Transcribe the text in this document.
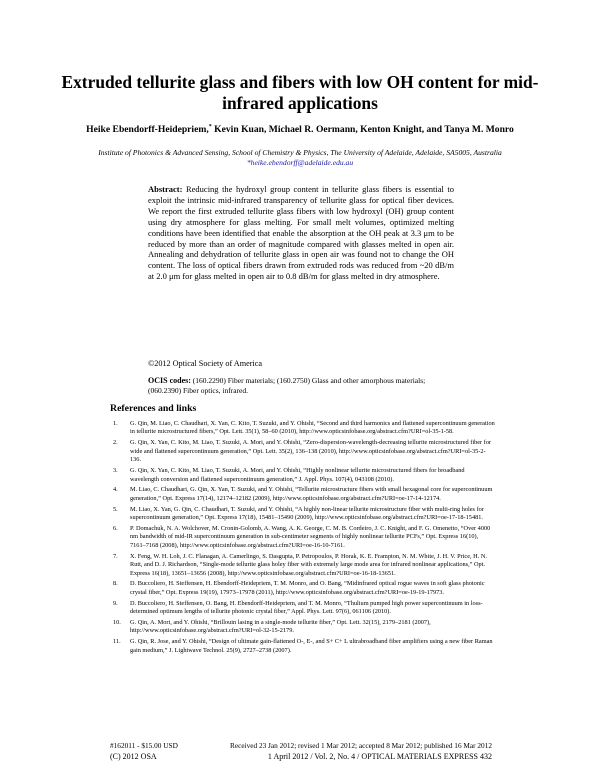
Extruded tellurite glass and fibers with low OH content for mid-infrared applications
Heike Ebendorff-Heidepriem,* Kevin Kuan, Michael R. Oermann, Kenton Knight, and Tanya M. Monro
Institute of Photonics & Advanced Sensing, School of Chemistry & Physics, The University of Adelaide, Adelaide, SA5005, Australia
*heike.ebendorff@adelaide.edu.au
Abstract: Reducing the hydroxyl group content in tellurite glass fibers is essential to exploit the intrinsic mid-infrared transparency of tellurite glass for optical fiber devices. We report the first extruded tellurite glass fibers with low hydroxyl (OH) group content using dry atmosphere for glass melting. For small melt volumes, optimized melting conditions have been identified that enable the absorption at the OH peak at 3.3 μm to be reduced by more than an order of magnitude compared with glasses melted in open air. Annealing and dehydration of tellurite glass in open air was found not to change the OH content. The loss of optical fibers drawn from extruded rods was reduced from ~20 dB/m at 2.0 μm for glass melted in open air to 0.8 dB/m for glass melted in dry atmosphere.
©2012 Optical Society of America
OCIS codes: (160.2290) Fiber materials; (160.2750) Glass and other amorphous materials; (060.2390) Fiber optics, infrared.
References and links
1. G. Qin, M. Liao, C. Chaudhari, X. Yan, C. Kito, T. Suzuki, and Y. Ohishi, “Second and third harmonics and flattened supercontinuum generation in tellurite microstructured fibers,” Opt. Lett. 35(1), 58–60 (2010), http://www.opticsinfobase.org/abstract.cfm?URI=ol-35-1-58.
2. G. Qin, X. Yan, C. Kito, M. Liao, T. Suzuki, A. Mori, and Y. Ohishi, “Zero-dispersion-wavelength-decreasing tellurite microstructured fiber for wide and flattened supercontinuum generation,” Opt. Lett. 35(2), 136–138 (2010), http://www.opticsinfobase.org/abstract.cfm?URI=ol-35-2-136.
3. G. Qin, X. Yan, C. Kito, M. Liao, T. Suzuki, A. Mori, and Y. Ohishi, “Highly nonlinear tellurite microstructured fibers for broadband wavelength conversion and flattened supercontinuum generation,” J. Appl. Phys. 107(4), 043108 (2010).
4. M. Liao, C. Chaudhari, G. Qin, X. Yan, T. Suzuki, and Y. Ohishi, “Tellurite microstructure fibers with small hexagonal core for supercontinuum generation,” Opt. Express 17(14), 12174–12182 (2009), http://www.opticsinfobase.org/abstract.cfm?URI=oe-17-14-12174.
5. M. Liao, X. Yan, G. Qin, C. Chaudhari, T. Suzuki, and Y. Ohishi, “A highly non-linear tellurite microstructure fiber with multi-ring holes for supercontinuum generation,” Opt. Express 17(18), 15481–15490 (2009), http://www.opticsinfobase.org/abstract.cfm?URI=oe-17-18-15481.
6. P. Domachuk, N. A. Wolchover, M. Cronin-Golomb, A. Wang, A. K. George, C. M. B. Cordeiro, J. C. Knight, and F. G. Omenetto, “Over 4000 nm bandwidth of mid-IR supercontinuum generation in sub-centimeter segments of highly nonlinear tellurite PCFs,” Opt. Express 16(10), 7161–7168 (2008), http://www.opticsinfobase.org/abstract.cfm?URI=oe-16-10-7161.
7. X. Feng, W. H. Loh, J. C. Flanagan, A. Camerlingo, S. Dasgupta, P. Petropoulos, P. Horak, K. E. Frampton, N. M. White, J. H. V. Price, H. N. Rutt, and D. J. Richardson, “Single-mode tellurite glass holey fiber with extremely large mode area for infrared nonlinear applications,” Opt. Express 16(18), 13651–13656 (2008), http://www.opticsinfobase.org/abstract.cfm?URI=oe-16-18-13651.
8. D. Buccoliero, H. Steffensen, H. Ebendorff-Heidepriem, T. M. Monro, and O. Bang, “Midinfrared optical rogue waves in soft glass photonic crystal fiber,” Opt. Express 19(19), 17973–17978 (2011), http://www.opticsinfobase.org/abstract.cfm?URI=oe-19-19-17973.
9. D. Buccoliero, H. Steffensen, O. Bang, H. Ebendorff-Heidepriem, and T. M. Monro, “Thulium pumped high power supercontinuum in loss-determined optimum lengths of tellurite photonic crystal fiber,” Appl. Phys. Lett. 97(6), 061106 (2010).
10. G. Qin, A. Mori, and Y. Ohishi, “Brillouin lasing in a single-mode tellurite fiber,” Opt. Lett. 32(15), 2179–2181 (2007), http://www.opticsinfobase.org/abstract.cfm?URI=ol-32-15-2179.
11. G. Qin, R. Jose, and Y. Ohishi, “Design of ultimate gain-flattened O-, E-, and S+ C+ L ultrabroadband fiber amplifiers using a new fiber Raman gain medium,” J. Lightwave Technol. 25(9), 2727–2738 (2007).
#162011 - $15.00 USD	Received 23 Jan 2012; revised 1 Mar 2012; accepted 8 Mar 2012; published 16 Mar 2012
(C) 2012 OSA	1 April 2012 / Vol. 2, No. 4 / OPTICAL MATERIALS EXPRESS 432
